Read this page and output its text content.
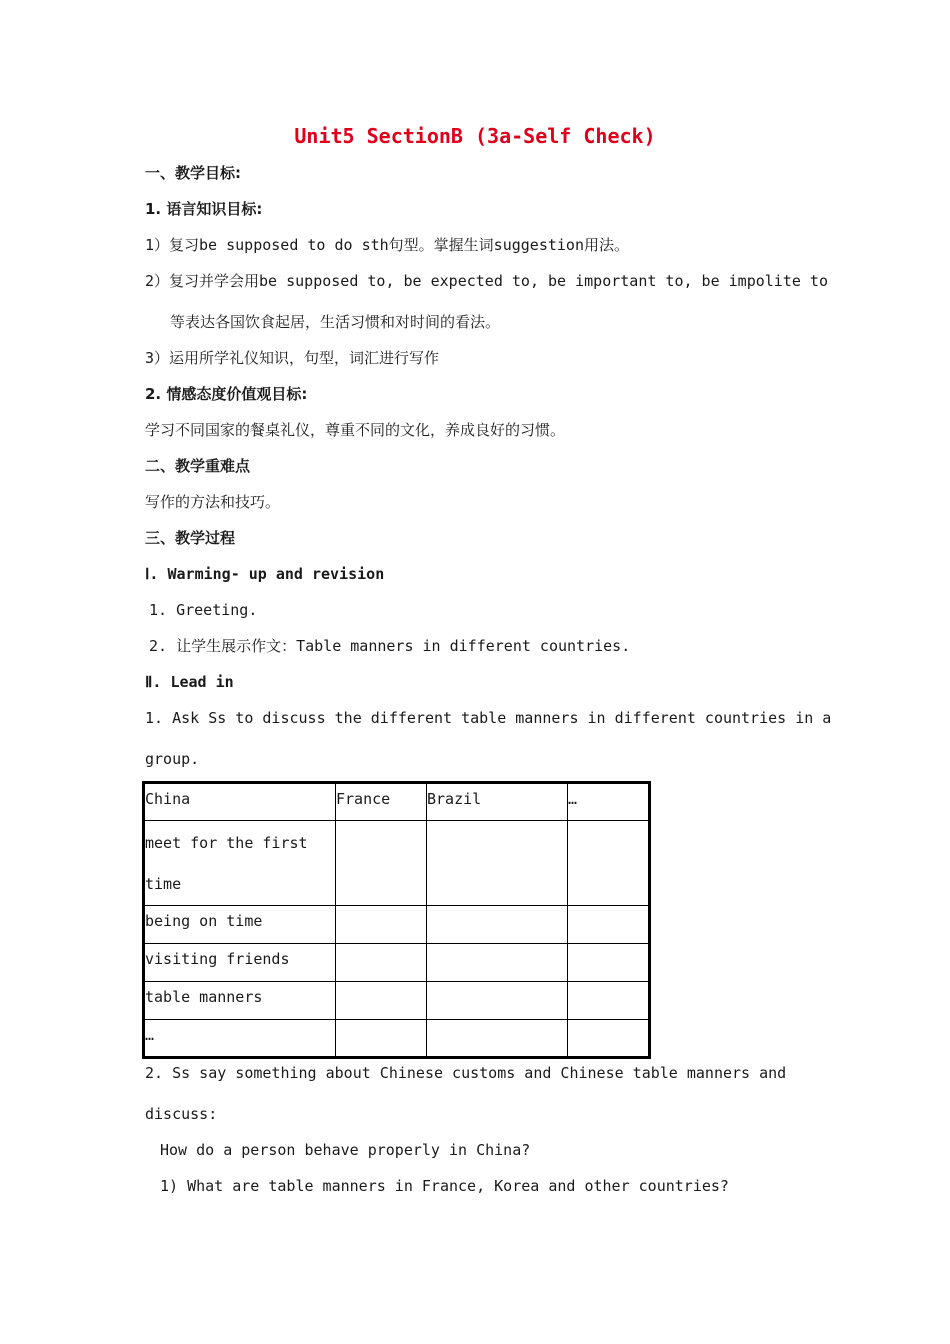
Unit5 SectionB (3a-Self Check)
一、教学目标:
1. 语言知识目标:
1）复习be supposed to do sth句型。掌握生词suggestion用法。
2）复习并学会用be supposed to, be expected to, be important to, be impolite to
等表达各国饮食起居，生活习惯和对时间的看法。
3）运用所学礼仪知识，句型，词汇进行写作
2. 情感态度价值观目标:
学习不同国家的餐桌礼仪，尊重不同的文化，养成良好的习惯。
二、教学重难点
写作的方法和技巧。
三、教学过程
Ⅰ. Warming- up and revision
1. Greeting.
2. 让学生展示作文：Table manners in different countries.
Ⅱ. Lead in
1. Ask Ss to discuss the different table manners in different countries in a
group.
China	France	Brazil	…

meet for the first time			

being on time			

visiting friends			

table manners			

…			

2. Ss say something about Chinese customs and Chinese table manners and
discuss:
How do a person behave properly in China?
1) What are table manners in France, Korea and other countries?
